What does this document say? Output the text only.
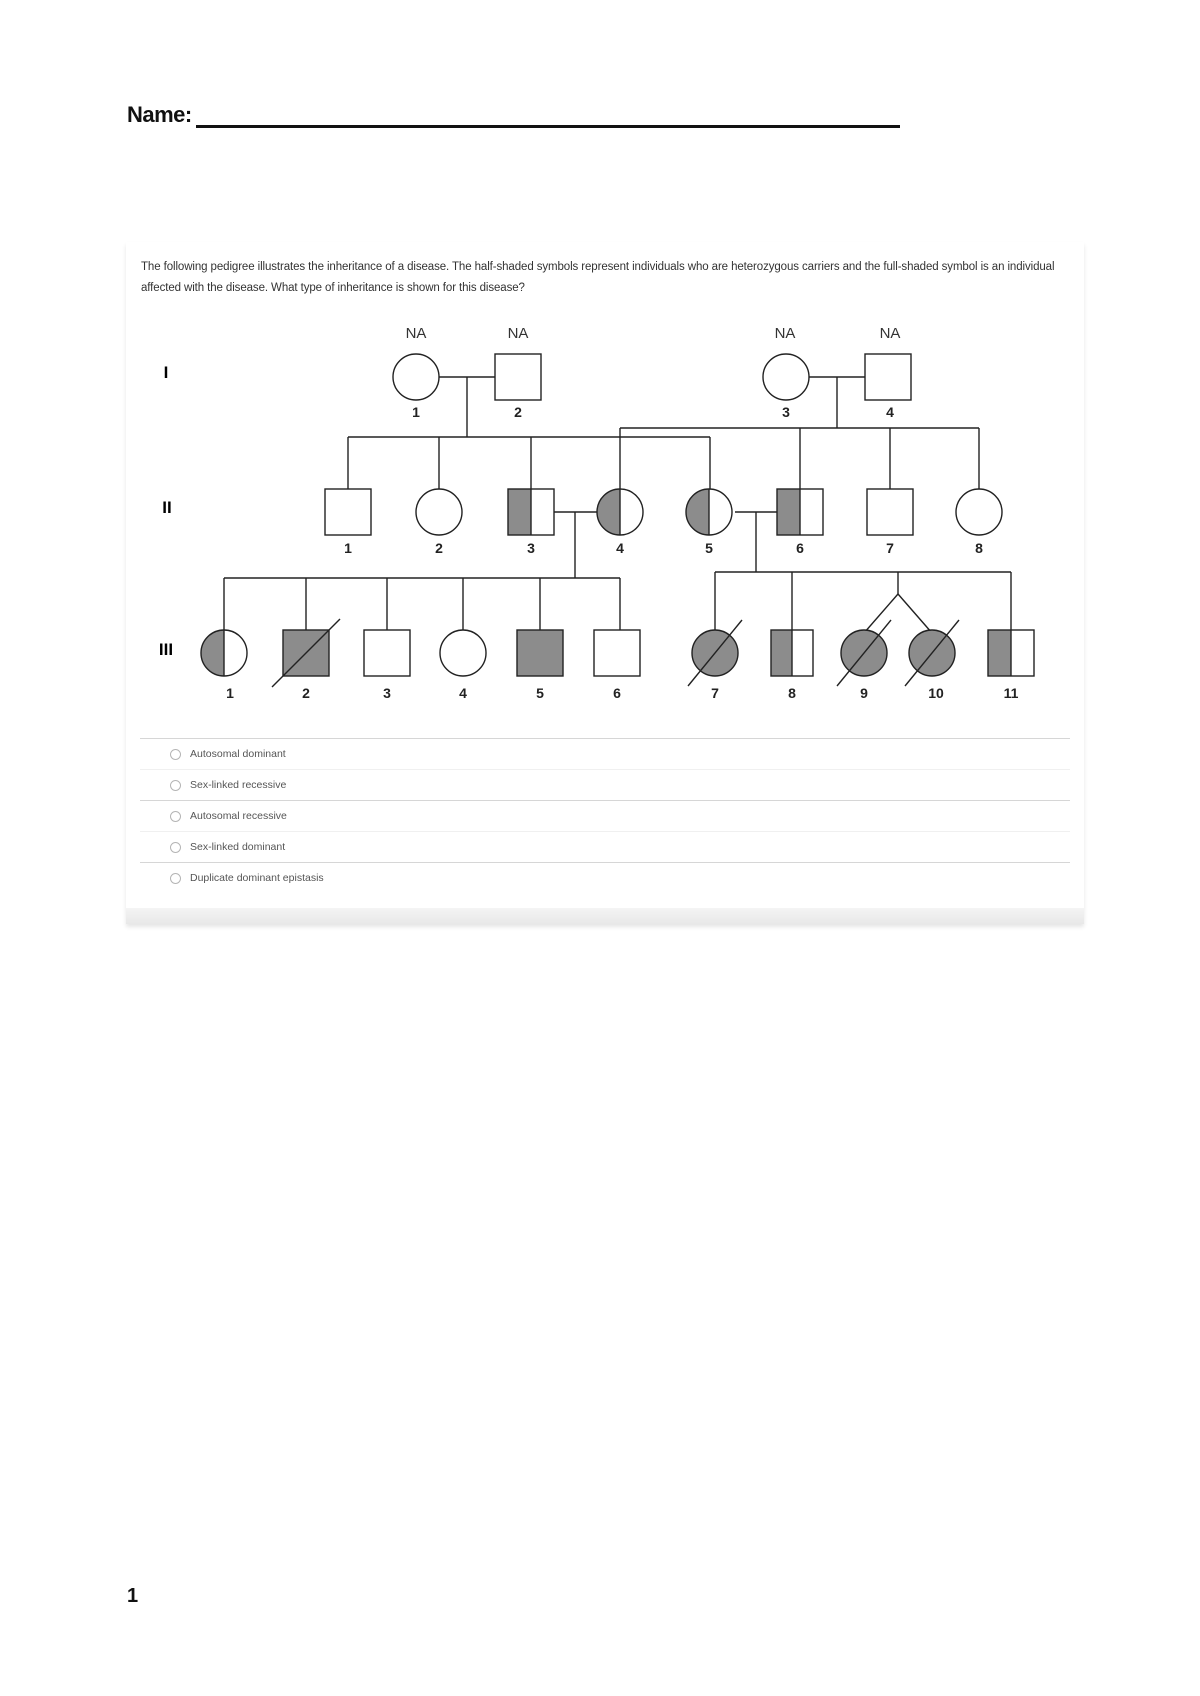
Name:
The following pedigree illustrates the inheritance of a disease. The half-shaded symbols represent individuals who are heterozygous carriers and the full-shaded symbol is an individual affected with the disease. What type of inheritance is shown for this disease?
I
II
III
NA	NA	NA	NA
1	2	3	4
1	2	3	4	5	6	7	8
1	2	3	4	5	6	7	8	9	10	11
Autosomal dominant
Sex-linked recessive
Autosomal recessive
Sex-linked dominant
Duplicate dominant epistasis
1
